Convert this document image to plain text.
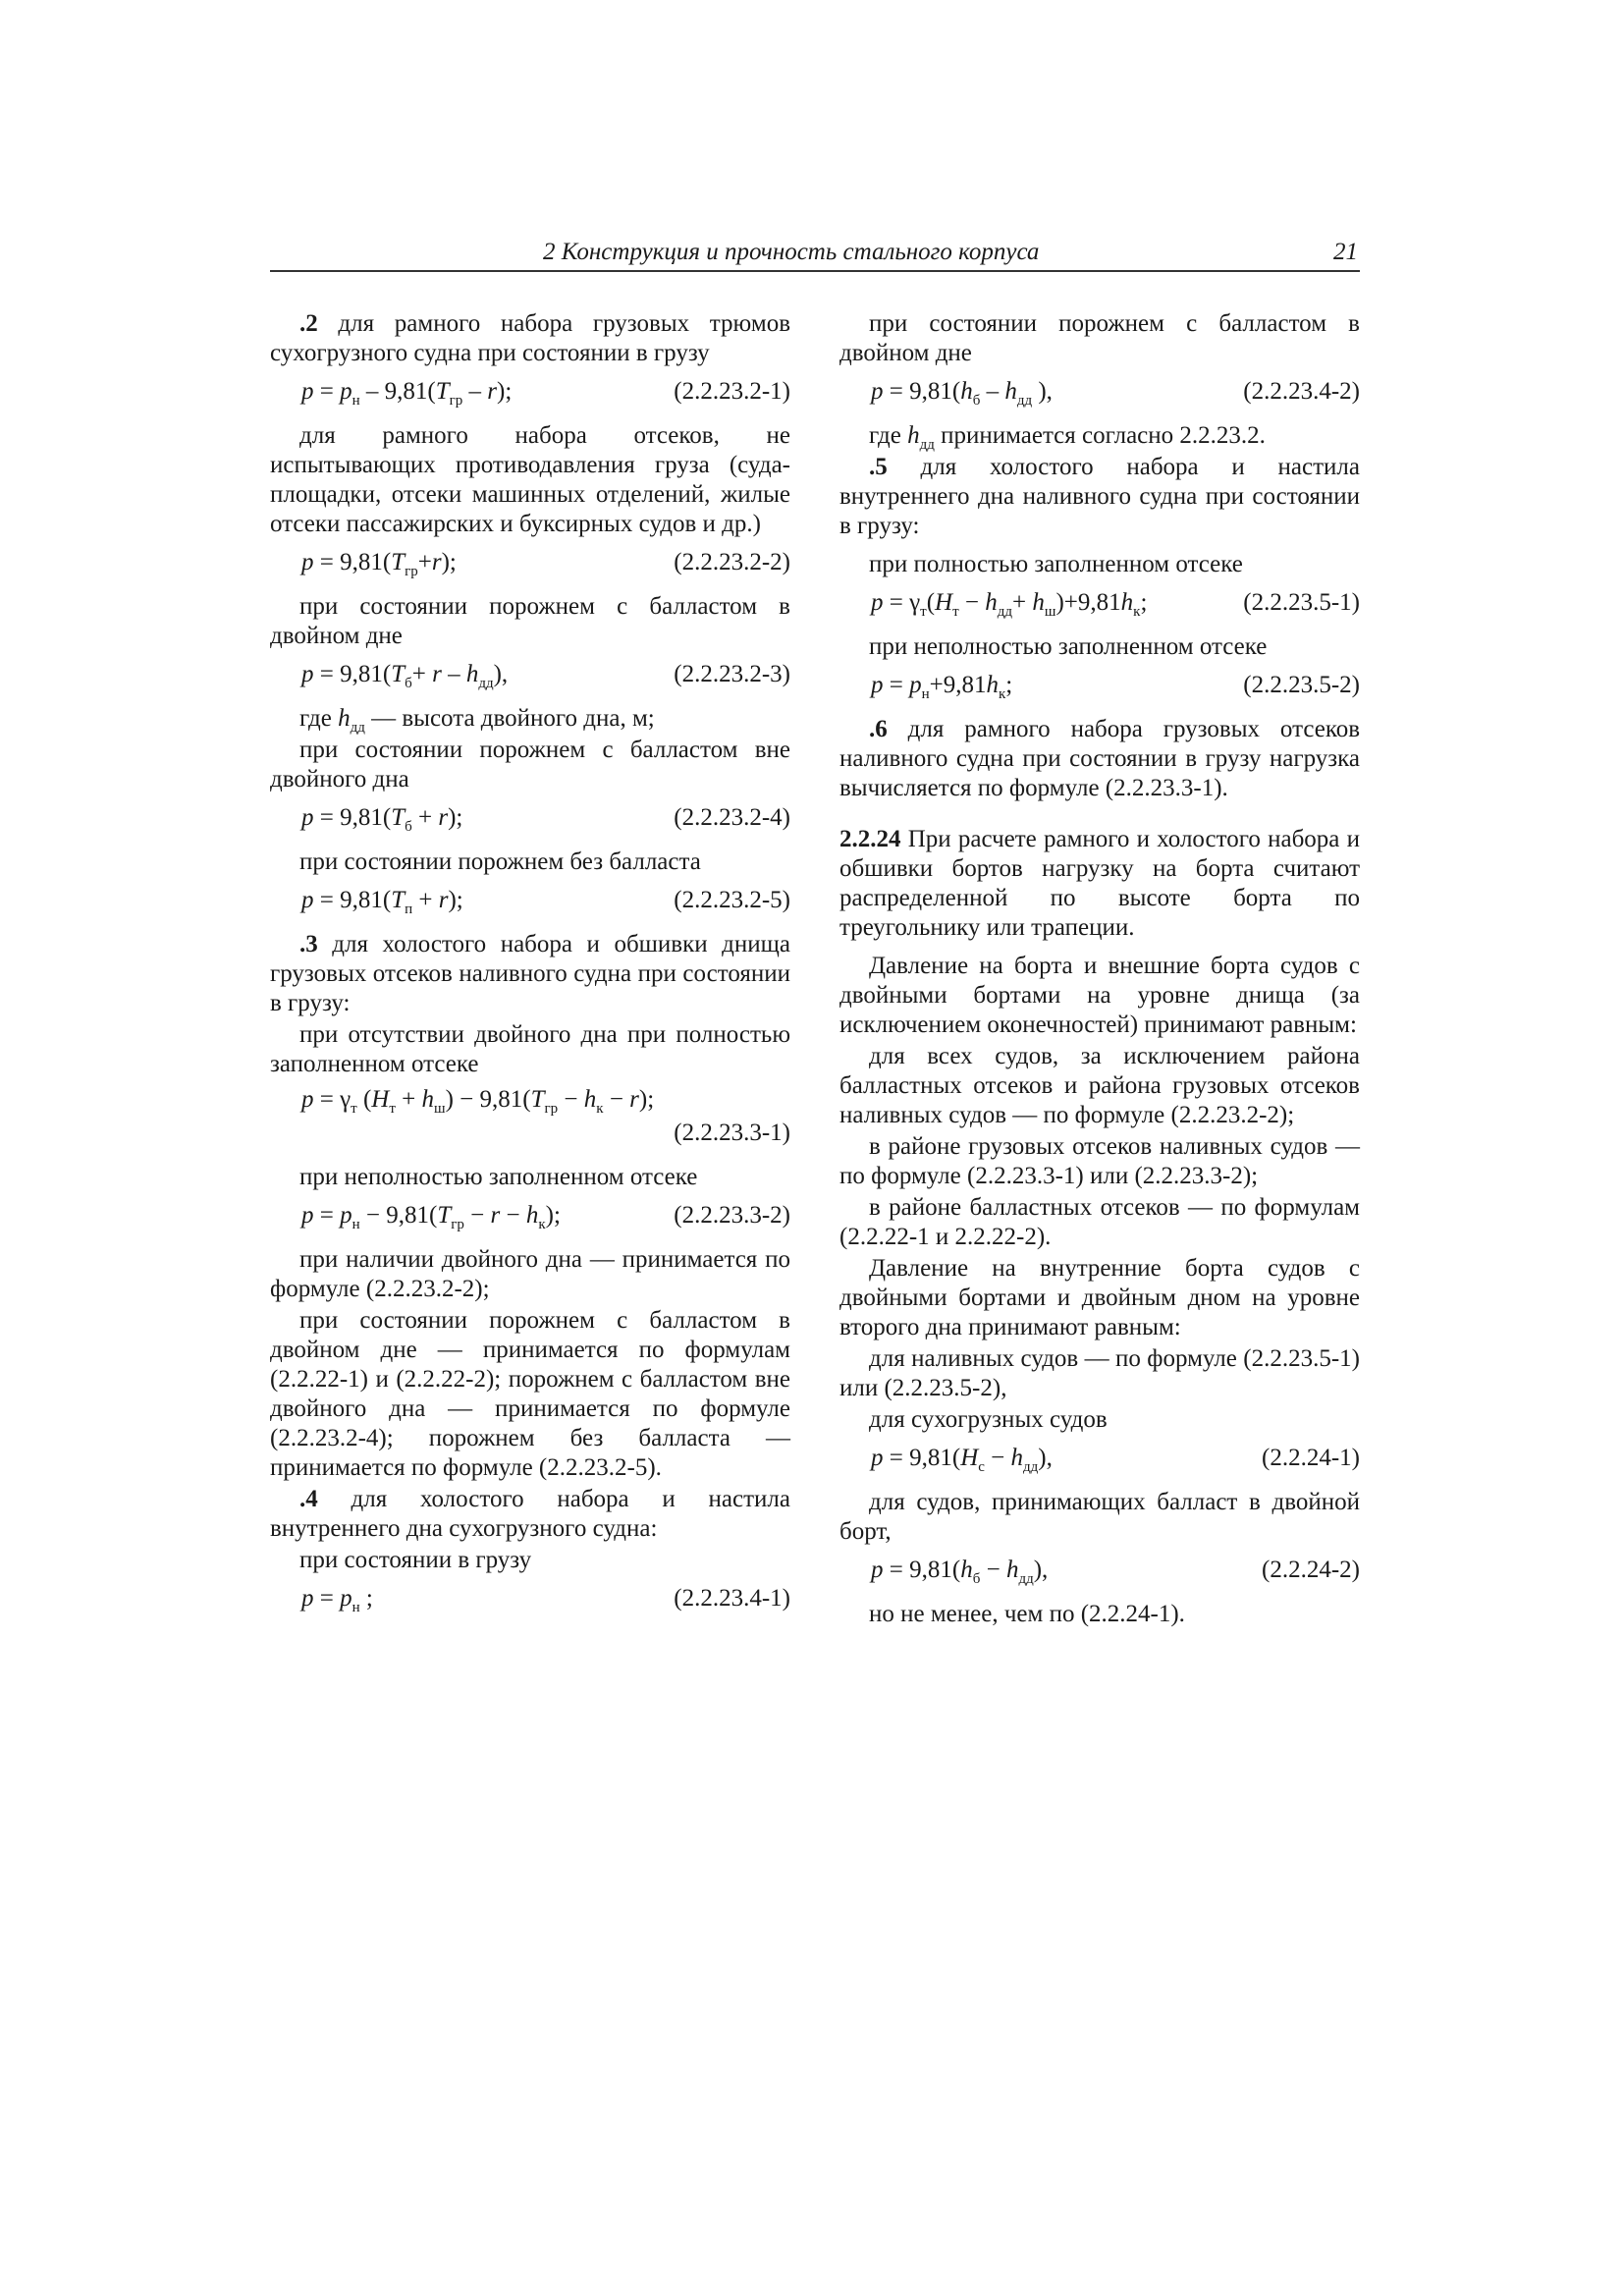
2 Конструкция и прочность стального корпуса	21

.2 для рамного набора грузовых трюмов сухогрузного судна при состоянии в грузу

$p = p_н - 9,81(Т_{гр} - r)$;	(2.2.23.2-1)

для рамного набора отсеков, не испытывающих противодавления груза (суда-площадки, отсеки машинных отделений, жилые отсеки пассажирских и буксирных судов и др.)

$p = 9,81(Т_{гр}+r)$;	(2.2.23.2-2)

при состоянии порожнем с балластом в двойном дне

$p = 9,81(Т_б+ r - h_{дд})$,	(2.2.23.2-3)

где $h_{дд}$ — высота двойного дна, м;

при состоянии порожнем с балластом вне двойного дна

$p = 9,81(Т_б + r)$;	(2.2.23.2-4)

при состоянии порожнем без балласта

$p = 9,81(Т_п + r)$;	(2.2.23.2-5)

.3 для холостого набора и обшивки днища грузовых отсеков наливного судна при состоянии в грузу:

при отсутствии двойного дна при полностью заполненном отсеке

$p = \gamma_т$ $(Н_т + h_ш) - 9,81(Т_{гр} - h_к - r)$;
(2.2.23.3-1)

при неполностью заполненном отсеке

$p = p_н - 9,81(Т_{гр} - r - h_к)$;	(2.2.23.3-2)

при наличии двойного дна — принимается по формуле (2.2.23.2-2);

при состоянии порожнем с балластом в двойном дне — принимается по формулам (2.2.22-1) и (2.2.22-2); порожнем с балластом вне двойного дна — принимается по формуле (2.2.23.2-4); порожнем без балласта — принимается по формуле (2.2.23.2-5).

.4 для холостого набора и настила внутреннего дна сухогрузного судна:

при состоянии в грузу

$p = p_н$ ;	(2.2.23.4-1)

при состоянии порожнем с балластом в двойном дне

$p = 9,81(h_б - h_{дд}$ ),	(2.2.23.4-2)

где $h_{дд}$ принимается согласно 2.2.23.2.

.5 для холостого набора и настила внутреннего дна наливного судна при состоянии в грузу:

при полностью заполненном отсеке

$p = \gamma_т(Н_т - h_{дд}+ h_ш)+9,81h_к$;	(2.2.23.5-1)

при неполностью заполненном отсеке

$p = p_н+9,81h_к$;	(2.2.23.5-2)

.6 для рамного набора грузовых отсеков наливного судна при состоянии в грузу нагрузка вычисляется по формуле (2.2.23.3-1).

2.2.24 При расчете рамного и холостого набора и обшивки бортов нагрузку на борта считают распределенной по высоте борта по треугольнику или трапеции.

Давление на борта и внешние борта судов с двойными бортами на уровне днища (за исключением оконечностей) принимают равным:

для всех судов, за исключением района балластных отсеков и района грузовых отсеков наливных судов — по формуле (2.2.23.2-2);

в районе грузовых отсеков наливных судов — по формуле (2.2.23.3-1) или (2.2.23.3-2);

в районе балластных отсеков — по формулам (2.2.22-1 и 2.2.22-2).

Давление на внутренние борта судов с двойными бортами и двойным дном на уровне второго дна принимают равным:

для наливных судов — по формуле (2.2.23.5-1) или (2.2.23.5-2),

для сухогрузных судов

$p = 9,81(Н_с - h_{дд})$,	(2.2.24-1)

для судов, принимающих балласт в двойной борт,

$p = 9,81(h_б - h_{дд})$,	(2.2.24-2)

но не менее, чем по (2.2.24-1).
